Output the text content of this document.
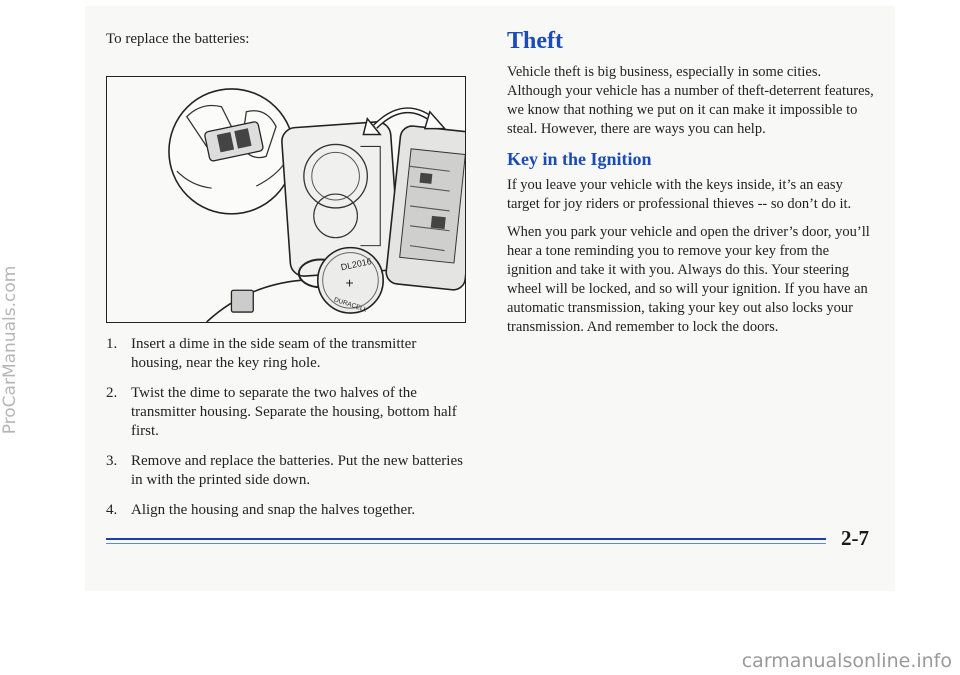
To replace the batteries:
DL2016
+
DURACELL
1. Insert a dime in the side seam of the transmitter housing, near the key ring hole.
2. Twist the dime to separate the two halves of the transmitter housing. Separate the housing, bottom half first.
3. Remove and replace the batteries. Put the new batteries in with the printed side down.
4. Align the housing and snap the halves together.
Theft

Vehicle theft is big business, especially in some cities. Although your vehicle has a number of theft-deterrent features, we know that nothing we put on it can make it impossible to steal. However, there are ways you can help.

Key in the Ignition

If you leave your vehicle with the keys inside, it’s an easy target for joy riders or professional thieves -- so don’t do it.

When you park your vehicle and open the driver’s door, you’ll hear a tone reminding you to remove your key from the ignition and take it with you. Always do this. Your steering wheel will be locked, and so will your ignition. If you have an automatic transmission, taking your key out also locks your transmission. And remember to lock the doors.

2-7
ProCarManuals.com
carmanualsonline.info
